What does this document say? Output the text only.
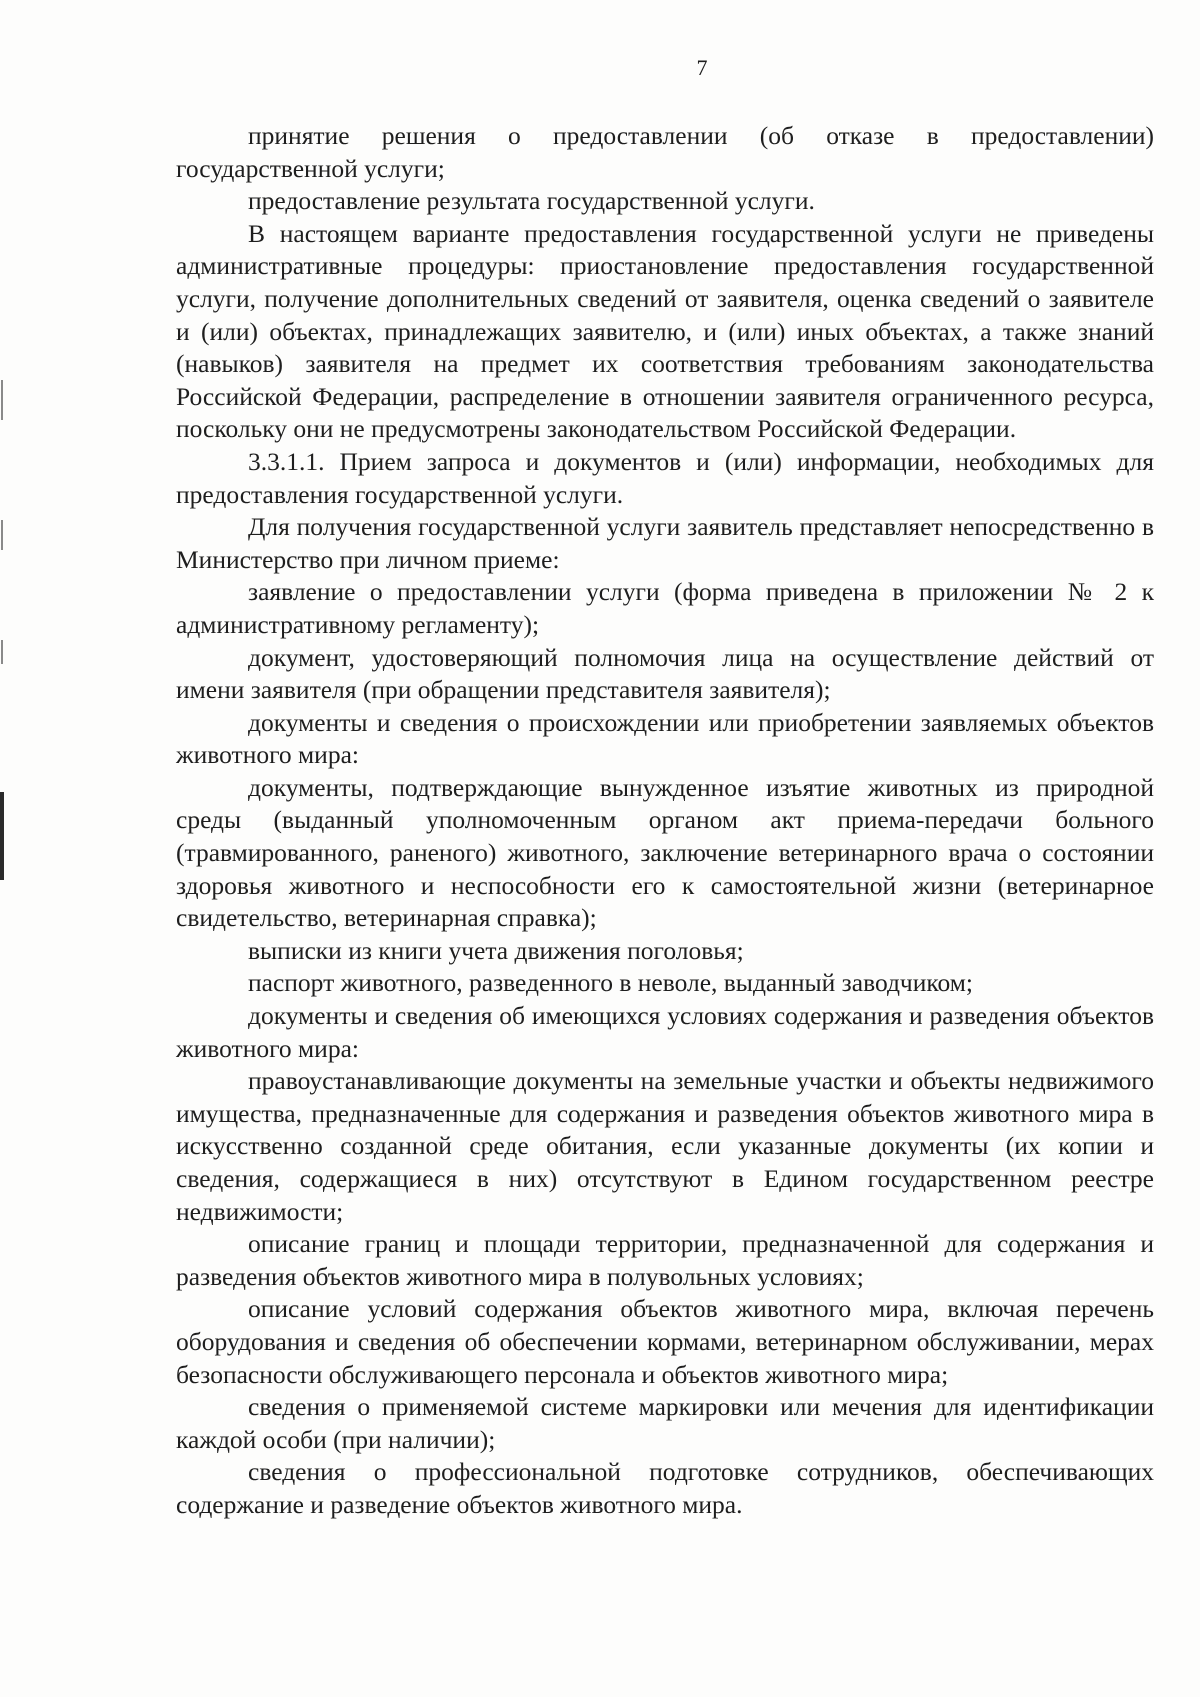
7

принятие решения о предоставлении (об отказе в предоставлении) государственной услуги;

предоставление результата государственной услуги.

В настоящем варианте предоставления государственной услуги не приведены административные процедуры: приостановление предоставления государственной услуги, получение дополнительных сведений от заявителя, оценка сведений о заявителе и (или) объектах, принадлежащих заявителю, и (или) иных объектах, а также знаний (навыков) заявителя на предмет их соответствия требованиям законодательства Российской Федерации, распределение в отношении заявителя ограниченного ресурса, поскольку они не предусмотрены законодательством Российской Федерации.

3.3.1.1. Прием запроса и документов и (или) информации, необходимых для предоставления государственной услуги.

Для получения государственной услуги заявитель представляет непосредственно в Министерство при личном приеме:

заявление о предоставлении услуги (форма приведена в приложении № 2 к административному регламенту);

документ, удостоверяющий полномочия лица на осуществление действий от имени заявителя (при обращении представителя заявителя);

документы и сведения о происхождении или приобретении заявляемых объектов животного мира:

документы, подтверждающие вынужденное изъятие животных из природной среды (выданный уполномоченным органом акт приема-передачи больного (травмированного, раненого) животного, заключение ветеринарного врача о состоянии здоровья животного и неспособности его к самостоятельной жизни (ветеринарное свидетельство, ветеринарная справка);

выписки из книги учета движения поголовья;

паспорт животного, разведенного в неволе, выданный заводчиком;

документы и сведения об имеющихся условиях содержания и разведения объектов животного мира:

правоустанавливающие документы на земельные участки и объекты недвижимого имущества, предназначенные для содержания и разведения объектов животного мира в искусственно созданной среде обитания, если указанные документы (их копии и сведения, содержащиеся в них) отсутствуют в Едином государственном реестре недвижимости;

описание границ и площади территории, предназначенной для содержания и разведения объектов животного мира в полувольных условиях;

описание условий содержания объектов животного мира, включая перечень оборудования и сведения об обеспечении кормами, ветеринарном обслуживании, мерах безопасности обслуживающего персонала и объектов животного мира;

сведения о применяемой системе маркировки или мечения для идентификации каждой особи (при наличии);

сведения о профессиональной подготовке сотрудников, обеспечивающих содержание и разведение объектов животного мира.
